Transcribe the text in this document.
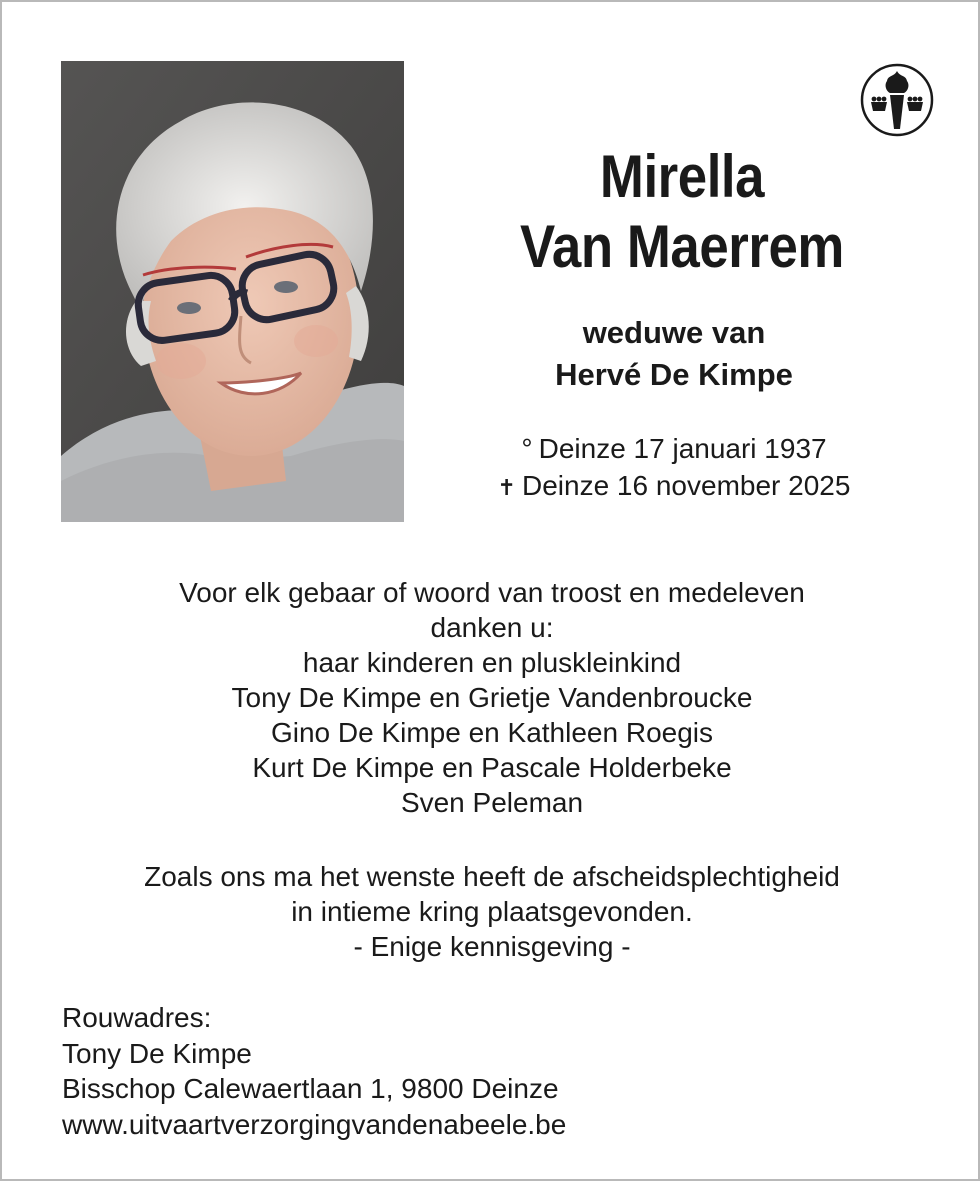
Mirella
Van Maerrem
weduwe van
Hervé De Kimpe
° Deinze 17 januari 1937
✝ Deinze 16 november 2025
Voor elk gebaar of woord van troost en medeleven
danken u:
haar kinderen en pluskleinkind
Tony De Kimpe en Grietje Vandenbroucke
Gino De Kimpe en Kathleen Roegis
Kurt De Kimpe en Pascale Holderbeke
Sven Peleman
Zoals ons ma het wenste heeft de afscheidsplechtigheid
in intieme kring plaatsgevonden.
- Enige kennisgeving -
Rouwadres:
Tony De Kimpe
Bisschop Calewaertlaan 1, 9800 Deinze
www.uitvaartverzorgingvandenabeele.be
